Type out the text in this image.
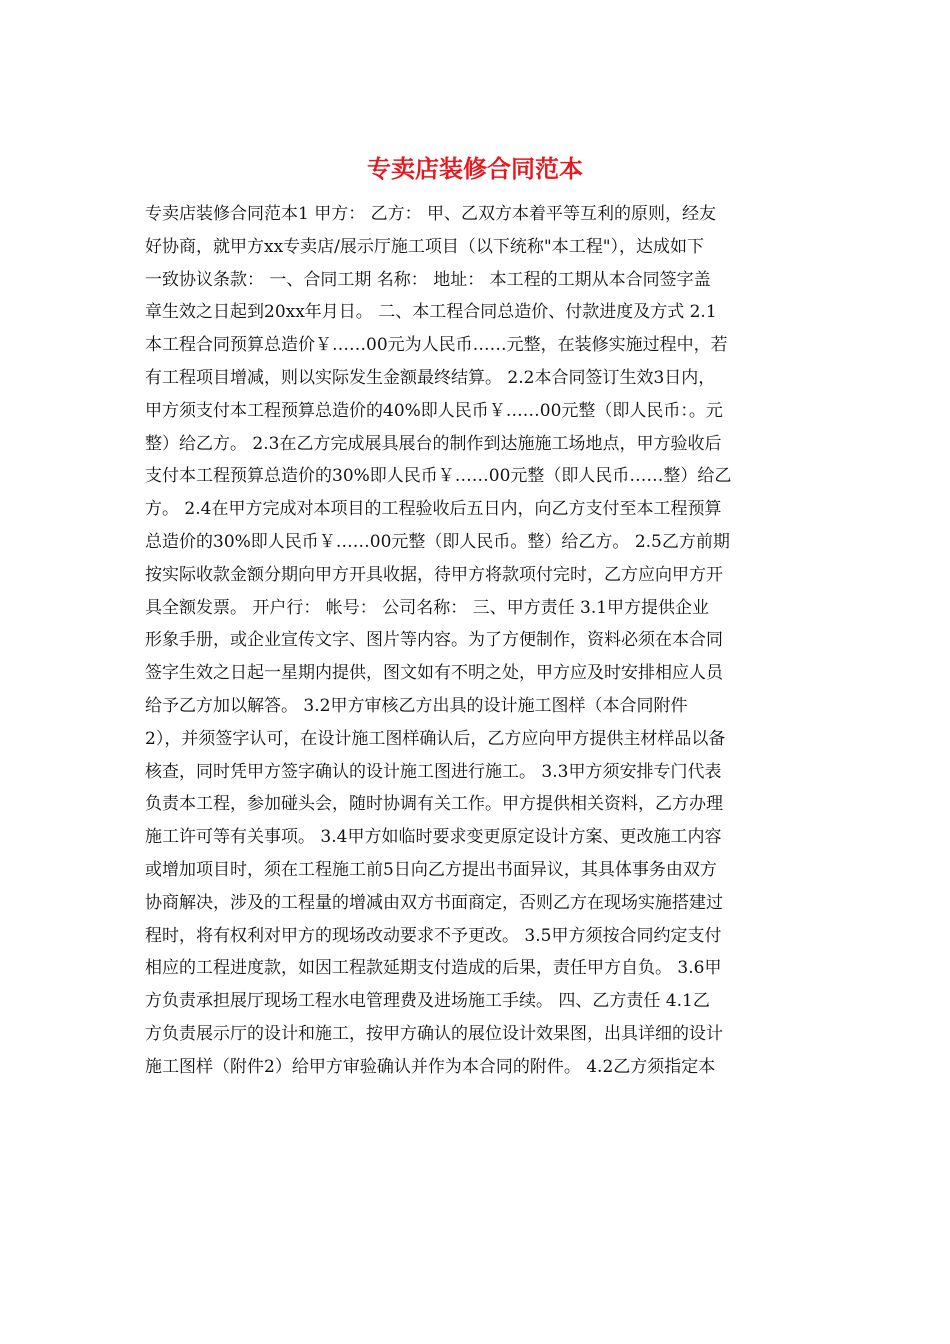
专卖店装修合同范本
专卖店装修合同范本1 甲方： 乙方： 甲、乙双方本着平等互利的原则，经友
好协商，就甲方xx专卖店/展示厅施工项目（以下统称"本工程"），达成如下
一致协议条款： 一、合同工期 名称： 地址： 本工程的工期从本合同签字盖
章生效之日起到20xx年月日。 二、本工程合同总造价、付款进度及方式 2.1
本工程合同预算总造价￥……00元为人民币……元整，在装修实施过程中，若
有工程项目增减，则以实际发生金额最终结算。 2.2本合同签订生效3日内，
甲方须支付本工程预算总造价的40%即人民币￥……00元整（即人民币：。元
整）给乙方。 2.3在乙方完成展具展台的制作到达施施工场地点，甲方验收后
支付本工程预算总造价的30%即人民币￥……00元整（即人民币……整）给乙
方。 2.4在甲方完成对本项目的工程验收后五日内，向乙方支付至本工程预算
总造价的30%即人民币￥……00元整（即人民币。整）给乙方。 2.5乙方前期
按实际收款金额分期向甲方开具收据，待甲方将款项付完时，乙方应向甲方开
具全额发票。 开户行： 帐号： 公司名称： 三、甲方责任 3.1甲方提供企业
形象手册，或企业宣传文字、图片等内容。为了方便制作，资料必须在本合同
签字生效之日起一星期内提供，图文如有不明之处，甲方应及时安排相应人员
给予乙方加以解答。 3.2甲方审核乙方出具的设计施工图样（本合同附件
2），并须签字认可，在设计施工图样确认后，乙方应向甲方提供主材样品以备
核查，同时凭甲方签字确认的设计施工图进行施工。 3.3甲方须安排专门代表
负责本工程，参加碰头会，随时协调有关工作。甲方提供相关资料，乙方办理
施工许可等有关事项。 3.4甲方如临时要求变更原定设计方案、更改施工内容
或增加项目时，须在工程施工前5日向乙方提出书面异议，其具体事务由双方
协商解决，涉及的工程量的增减由双方书面商定，否则乙方在现场实施搭建过
程时，将有权利对甲方的现场改动要求不予更改。 3.5甲方须按合同约定支付
相应的工程进度款，如因工程款延期支付造成的后果，责任甲方自负。 3.6甲
方负责承担展厅现场工程水电管理费及进场施工手续。 四、乙方责任 4.1乙
方负责展示厅的设计和施工，按甲方确认的展位设计效果图，出具详细的设计
施工图样（附件2）给甲方审验确认并作为本合同的附件。 4.2乙方须指定本
